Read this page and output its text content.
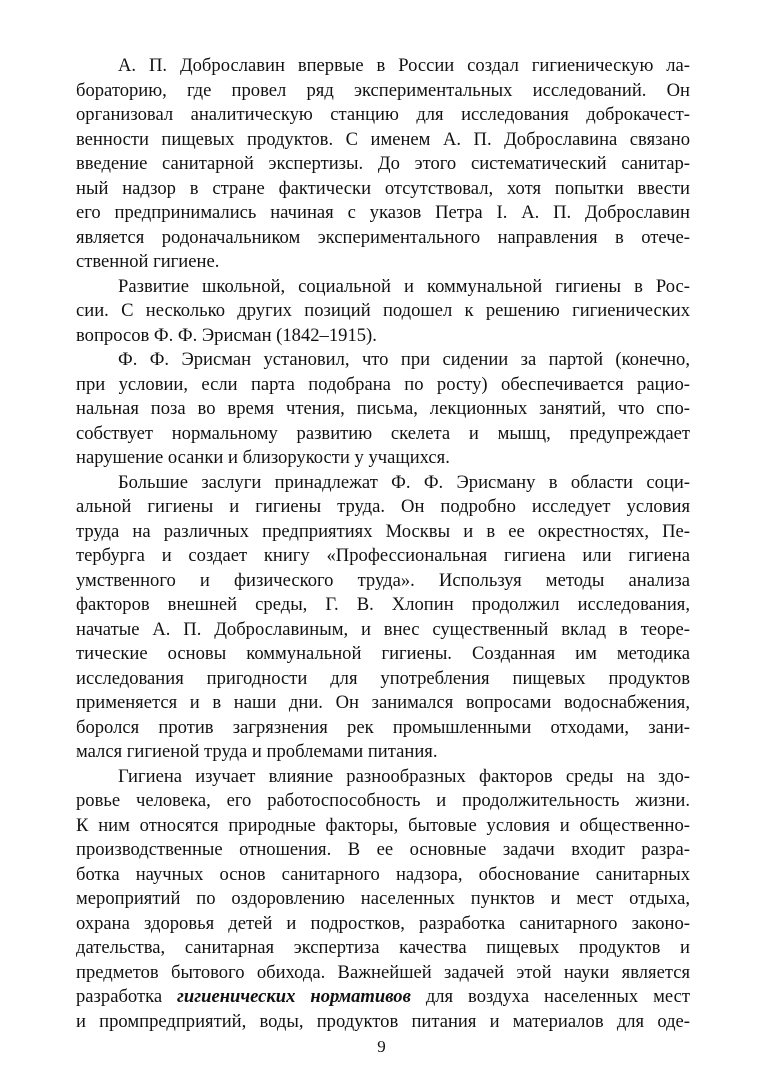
А. П. Доброславин впервые в России создал гигиеническую ла-
бораторию, где провел ряд экспериментальных исследований. Он
организовал аналитическую станцию для исследования доброкачест-
венности пищевых продуктов. С именем А. П. Доброславина связано
введение санитарной экспертизы. До этого систематический санитар-
ный надзор в стране фактически отсутствовал, хотя попытки ввести
его предпринимались начиная с указов Петра I. А. П. Доброславин
является родоначальником экспериментального направления в отече-
ственной гигиене.
Развитие школьной, социальной и коммунальной гигиены в Рос-
сии. С несколько других позиций подошел к решению гигиенических
вопросов Ф. Ф. Эрисман (1842–1915).
Ф. Ф. Эрисман установил, что при сидении за партой (конечно,
при условии, если парта подобрана по росту) обеспечивается рацио-
нальная поза во время чтения, письма, лекционных занятий, что спо-
собствует нормальному развитию скелета и мышц, предупреждает
нарушение осанки и близорукости у учащихся.
Большие заслуги принадлежат Ф. Ф. Эрисману в области соци-
альной гигиены и гигиены труда. Он подробно исследует условия
труда на различных предприятиях Москвы и в ее окрестностях, Пе-
тербурга и создает книгу «Профессиональная гигиена или гигиена
умственного и физического труда». Используя методы анализа
факторов внешней среды, Г. В. Хлопин продолжил исследования,
начатые А. П. Доброславиным, и внес существенный вклад в теоре-
тические основы коммунальной гигиены. Созданная им методика
исследования пригодности для употребления пищевых продуктов
применяется и в наши дни. Он занимался вопросами водоснабжения,
боролся против загрязнения рек промышленными отходами, зани-
мался гигиеной труда и проблемами питания.
Гигиена изучает влияние разнообразных факторов среды на здо-
ровье человека, его работоспособность и продолжительность жизни.
К ним относятся природные факторы, бытовые условия и общественно-
производственные отношения. В ее основные задачи входит разра-
ботка научных основ санитарного надзора, обоснование санитарных
мероприятий по оздоровлению населенных пунктов и мест отдыха,
охрана здоровья детей и подростков, разработка санитарного законо-
дательства, санитарная экспертиза качества пищевых продуктов и
предметов бытового обихода. Важнейшей задачей этой науки является
разработка гигиенических нормативов для воздуха населенных мест
и промпредприятий, воды, продуктов питания и материалов для оде-
9
